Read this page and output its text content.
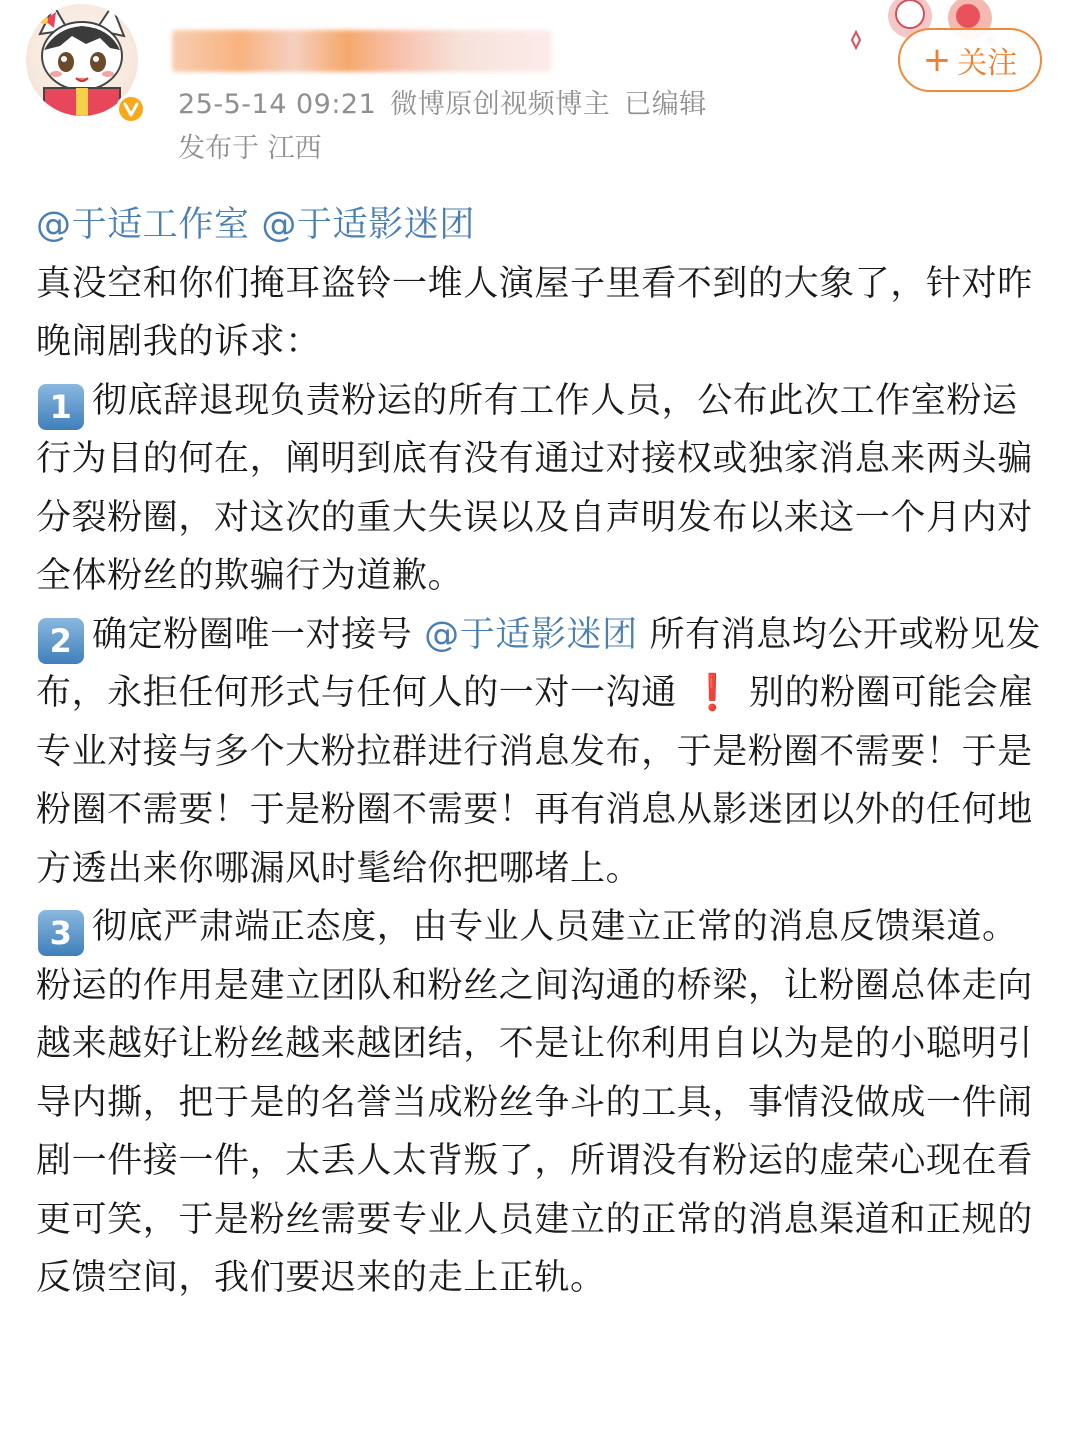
25-5-14 09:21 微博原创视频博主 已编辑
发布于 江西
+ 关注

@于适工作室 @于适影迷团

真没空和你们掩耳盗铃一堆人演屋子里看不到的大象了，针对昨晚闹剧我的诉求：

1 彻底辞退现负责粉运的所有工作人员，公布此次工作室粉运行为目的何在，阐明到底有没有通过对接权或独家消息来两头骗分裂粉圈，对这次的重大失误以及自声明发布以来这一个月内对全体粉丝的欺骗行为道歉。

2 确定粉圈唯一对接号 @于适影迷团 所有消息均公开或粉见发布，永拒任何形式与任何人的一对一沟通 ❗ 别的粉圈可能会雇专业对接与多个大粉拉群进行消息发布，于是粉圈不需要！于是粉圈不需要！于是粉圈不需要！再有消息从影迷团以外的任何地方透出来你哪漏风时髦给你把哪堵上。

3 彻底严肃端正态度，由专业人员建立正常的消息反馈渠道。粉运的作用是建立团队和粉丝之间沟通的桥梁，让粉圈总体走向越来越好让粉丝越来越团结，不是让你利用自以为是的小聪明引导内撕，把于是的名誉当成粉丝争斗的工具，事情没做成一件闹剧一件接一件，太丢人太背叛了，所谓没有粉运的虚荣心现在看更可笑，于是粉丝需要专业人员建立的正常的消息渠道和正规的反馈空间，我们要迟来的走上正轨。
